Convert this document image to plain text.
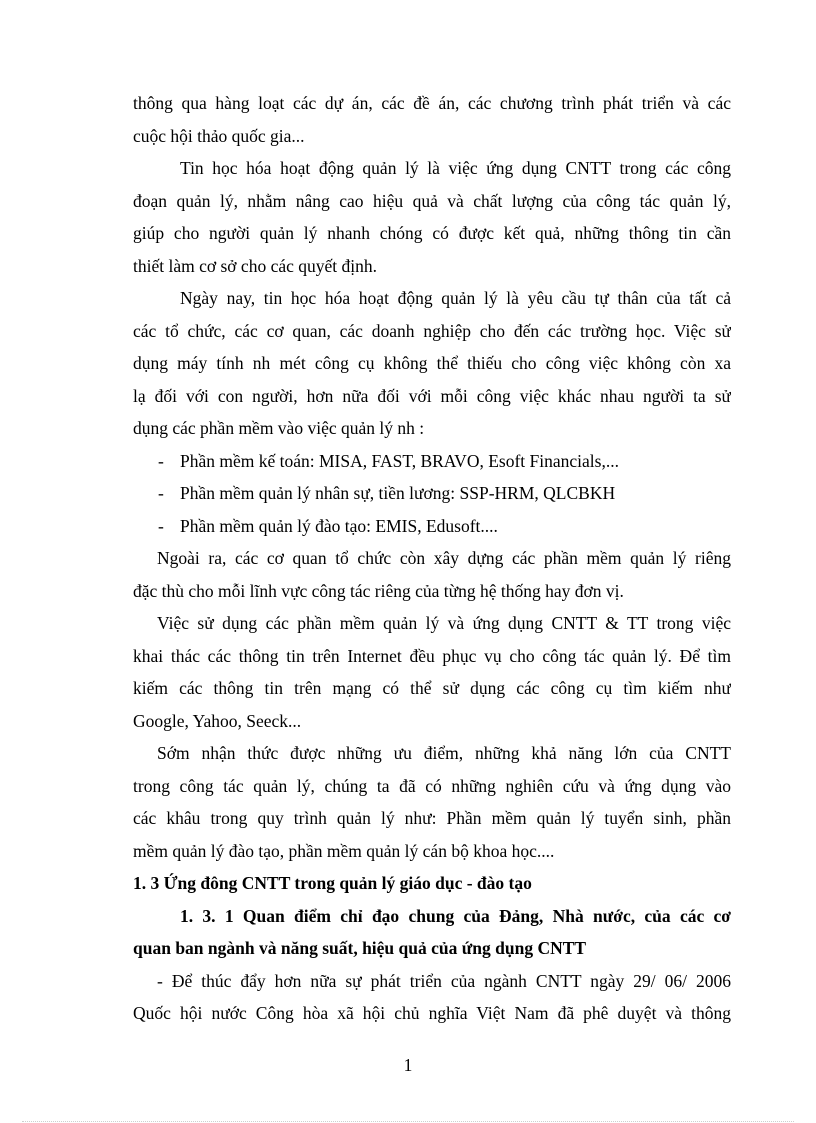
thông qua hàng loạt các dự án, các đề án, các chương trình phát triển và các
cuộc hội thảo quốc gia...
Tin học hóa hoạt động quản lý là việc ứng dụng CNTT trong các công
đoạn quản lý, nhằm nâng cao hiệu quả và chất lượng của công tác quản lý,
giúp cho người quản lý nhanh chóng có được kết quả, những thông tin cần
thiết làm cơ sở cho các quyết định.
Ngày nay, tin học hóa hoạt động quản lý là yêu cầu tự thân của tất cả
các tổ chức, các cơ quan, các doanh nghiệp cho đến các trường học. Việc sử
dụng máy tính nh mét công cụ không thể thiếu cho công việc không còn xa
lạ đối với con người, hơn nữa đối với mỗi công việc khác nhau người ta sử
dụng các phần mềm vào việc quản lý nh :
- Phần mềm kế toán: MISA, FAST, BRAVO, Esoft Financials,...
- Phần mềm quản lý nhân sự, tiền lương: SSP-HRM, QLCBKH
- Phần mềm quản lý đào tạo: EMIS, Edusoft....
Ngoài ra, các cơ quan tổ chức còn xây dựng các phần mềm quản lý riêng
đặc thù cho mỗi lĩnh vực công tác riêng của từng hệ thống hay đơn vị.
Việc sử dụng các phần mềm quản lý và ứng dụng CNTT & TT trong việc
khai thác các thông tin trên Internet đều phục vụ cho công tác quản lý. Để tìm
kiếm các thông tin trên mạng có thể sử dụng các công cụ tìm kiếm như
Google, Yahoo, Seeck...
Sớm nhận thức được những ưu điểm, những khả năng lớn của CNTT
trong công tác quản lý, chúng ta đã có những nghiên cứu và ứng dụng vào
các khâu trong quy trình quản lý như: Phần mềm quản lý tuyển sinh, phần
mềm quản lý đào tạo, phần mềm quản lý cán bộ khoa học....
1. 3 Ứng đông CNTT trong quản lý giáo dục - đào tạo
1. 3. 1 Quan điểm chỉ đạo chung của Đảng, Nhà nước, của các cơ
quan ban ngành và năng suất, hiệu quả của ứng dụng CNTT
- Để thúc đẩy hơn nữa sự phát triển của ngành CNTT ngày 29/ 06/ 2006
Quốc hội nước Công hòa xã hội chủ nghĩa Việt Nam đã phê duyệt và thông
1
